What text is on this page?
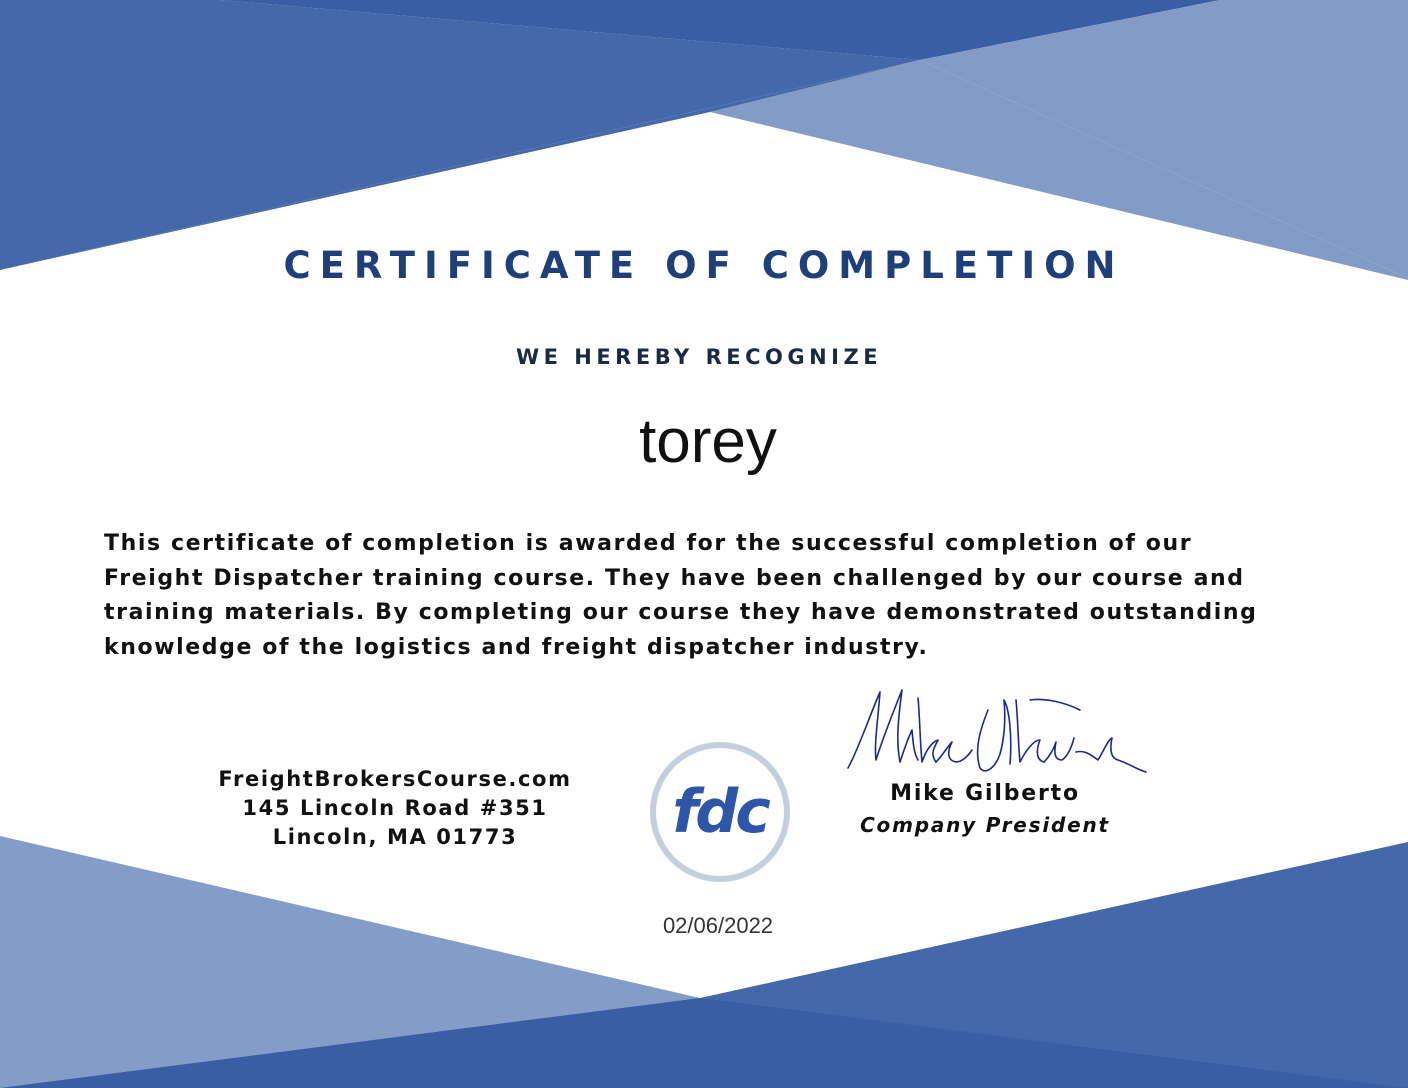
CERTIFICATE OF COMPLETION
WE HEREBY RECOGNIZE
torey
This certificate of completion is awarded for the successful completion of our
Freight Dispatcher training course. They have been challenged by our course and
training materials. By completing our course they have demonstrated outstanding
knowledge of the logistics and freight dispatcher industry.
FreightBrokersCourse.com
145 Lincoln Road #351
Lincoln, MA 01773	fdc	Mike Gilberto
Company President
02/06/2022
